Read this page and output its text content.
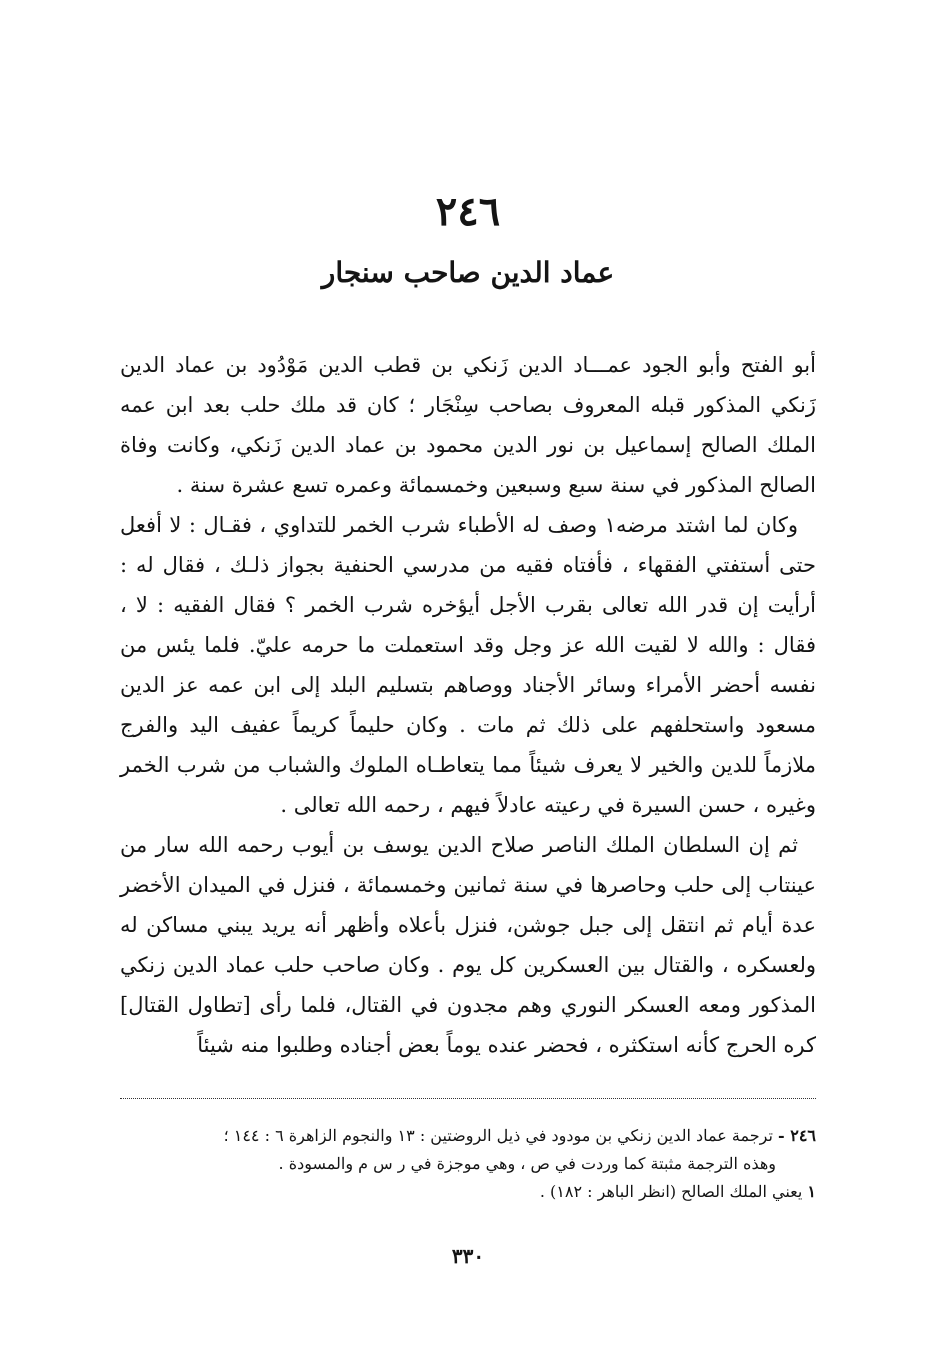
٢٤٦
عماد الدين صاحب سنجار

أبو الفتح وأبو الجود عمـــاد الدين زَنكي بن قطب الدين مَوْدُود بن عماد الدين زَنكي المذكور قبله المعروف بصاحب سِنْجَار ؛ كان قد ملك حلب بعد ابن عمه الملك الصالح إسماعيل بن نور الدين محمود بن عماد الدين زَنكي، وكانت وفاة الصالح المذكور في سنة سبع وسبعين وخمسمائة وعمره تسع عشرة سنة .

وكان لما اشتد مرضه١ وصف له الأطباء شرب الخمر للتداوي ، فقـال : لا أفعل حتى أستفتي الفقهاء ، فأفتاه فقيه من مدرسي الحنفية بجواز ذلـك ، فقال له : أرأيت إن قدر الله تعالى بقرب الأجل أيؤخره شرب الخمر ؟ فقال الفقيه : لا ، فقال : والله لا لقيت الله عز وجل وقد استعملت ما حرمه عليّ. فلما يئس من نفسه أحضر الأمراء وسائر الأجناد ووصاهم بتسليم البلد إلى ابن عمه عز الدين مسعود واستحلفهم على ذلك ثم مات . وكان حليماً كريماً عفيف اليد والفرج ملازماً للدين والخير لا يعرف شيئاً مما يتعاطـاه الملوك والشباب من شرب الخمر وغيره ، حسن السيرة في رعيته عادلاً فيهم ، رحمه الله تعالى .

ثم إن السلطان الملك الناصر صلاح الدين يوسف بن أيوب رحمه الله سار من عينتاب إلى حلب وحاصرها في سنة ثمانين وخمسمائة ، فنزل في الميدان الأخضر عدة أيام ثم انتقل إلى جبل جوشن، فنزل بأعلاه وأظهر أنه يريد يبني مساكن له ولعسكره ، والقتال بين العسكرين كل يوم . وكان صاحب حلب عماد الدين زنكي المذكور ومعه العسكر النوري وهم مجدون في القتال، فلما رأى [تطاول القتال] كره الحرج كأنه استكثره ، فحضر عنده يوماً بعض أجناده وطلبوا منه شيئاً

٢٤٦ - ترجمة عماد الدين زنكي بن مودود في ذيل الروضتين : ١٣ والنجوم الزاهرة ٦ : ١٤٤ ؛

وهذه الترجمة مثبتة كما وردت في ص ، وهي موجزة في ر س م والمسودة .

١ يعني الملك الصالح (انظر الباهر : ١٨٢) .

٣٣٠
